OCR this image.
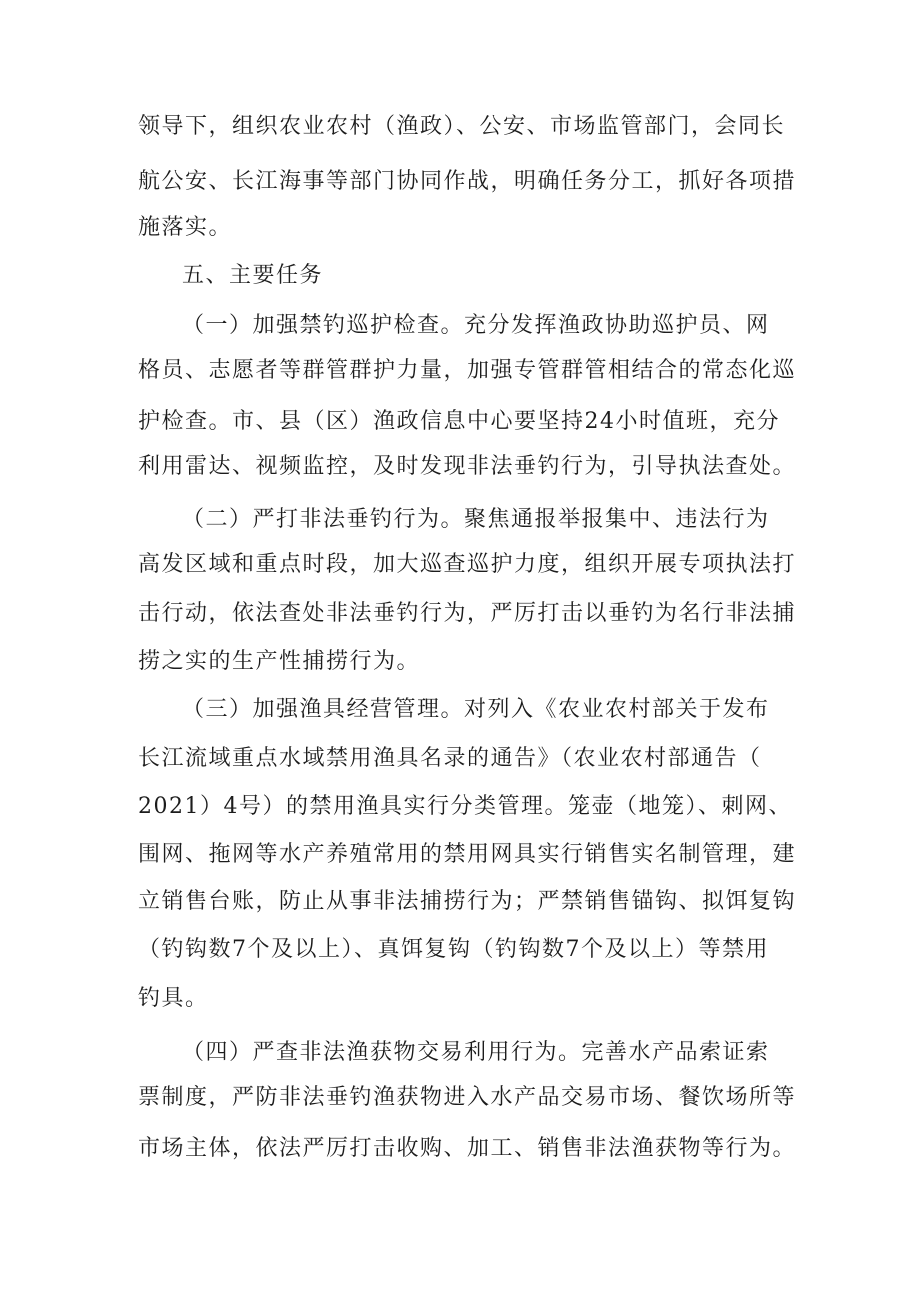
领导下，组织农业农村（渔政）、公安、市场监管部门，会同长
航公安、长江海事等部门协同作战，明确任务分工，抓好各项措
施落实。
五、主要任务
（一）加强禁钓巡护检查。充分发挥渔政协助巡护员、网
格员、志愿者等群管群护力量，加强专管群管相结合的常态化巡
护检查。市、县（区）渔政信息中心要坚持24小时值班，充分
利用雷达、视频监控，及时发现非法垂钓行为，引导执法查处。
（二）严打非法垂钓行为。聚焦通报举报集中、违法行为
高发区域和重点时段，加大巡查巡护力度，组织开展专项执法打
击行动，依法查处非法垂钓行为，严厉打击以垂钓为名行非法捕
捞之实的生产性捕捞行为。
（三）加强渔具经营管理。对列入《农业农村部关于发布
长江流域重点水域禁用渔具名录的通告》（农业农村部通告（
2021）4号）的禁用渔具实行分类管理。笼壶（地笼）、刺网、
围网、拖网等水产养殖常用的禁用网具实行销售实名制管理，建
立销售台账，防止从事非法捕捞行为；严禁销售锚钩、拟饵复钩
（钓钩数7个及以上）、真饵复钩（钓钩数7个及以上）等禁用
钓具。
（四）严查非法渔获物交易利用行为。完善水产品索证索
票制度，严防非法垂钓渔获物进入水产品交易市场、餐饮场所等
市场主体，依法严厉打击收购、加工、销售非法渔获物等行为。
